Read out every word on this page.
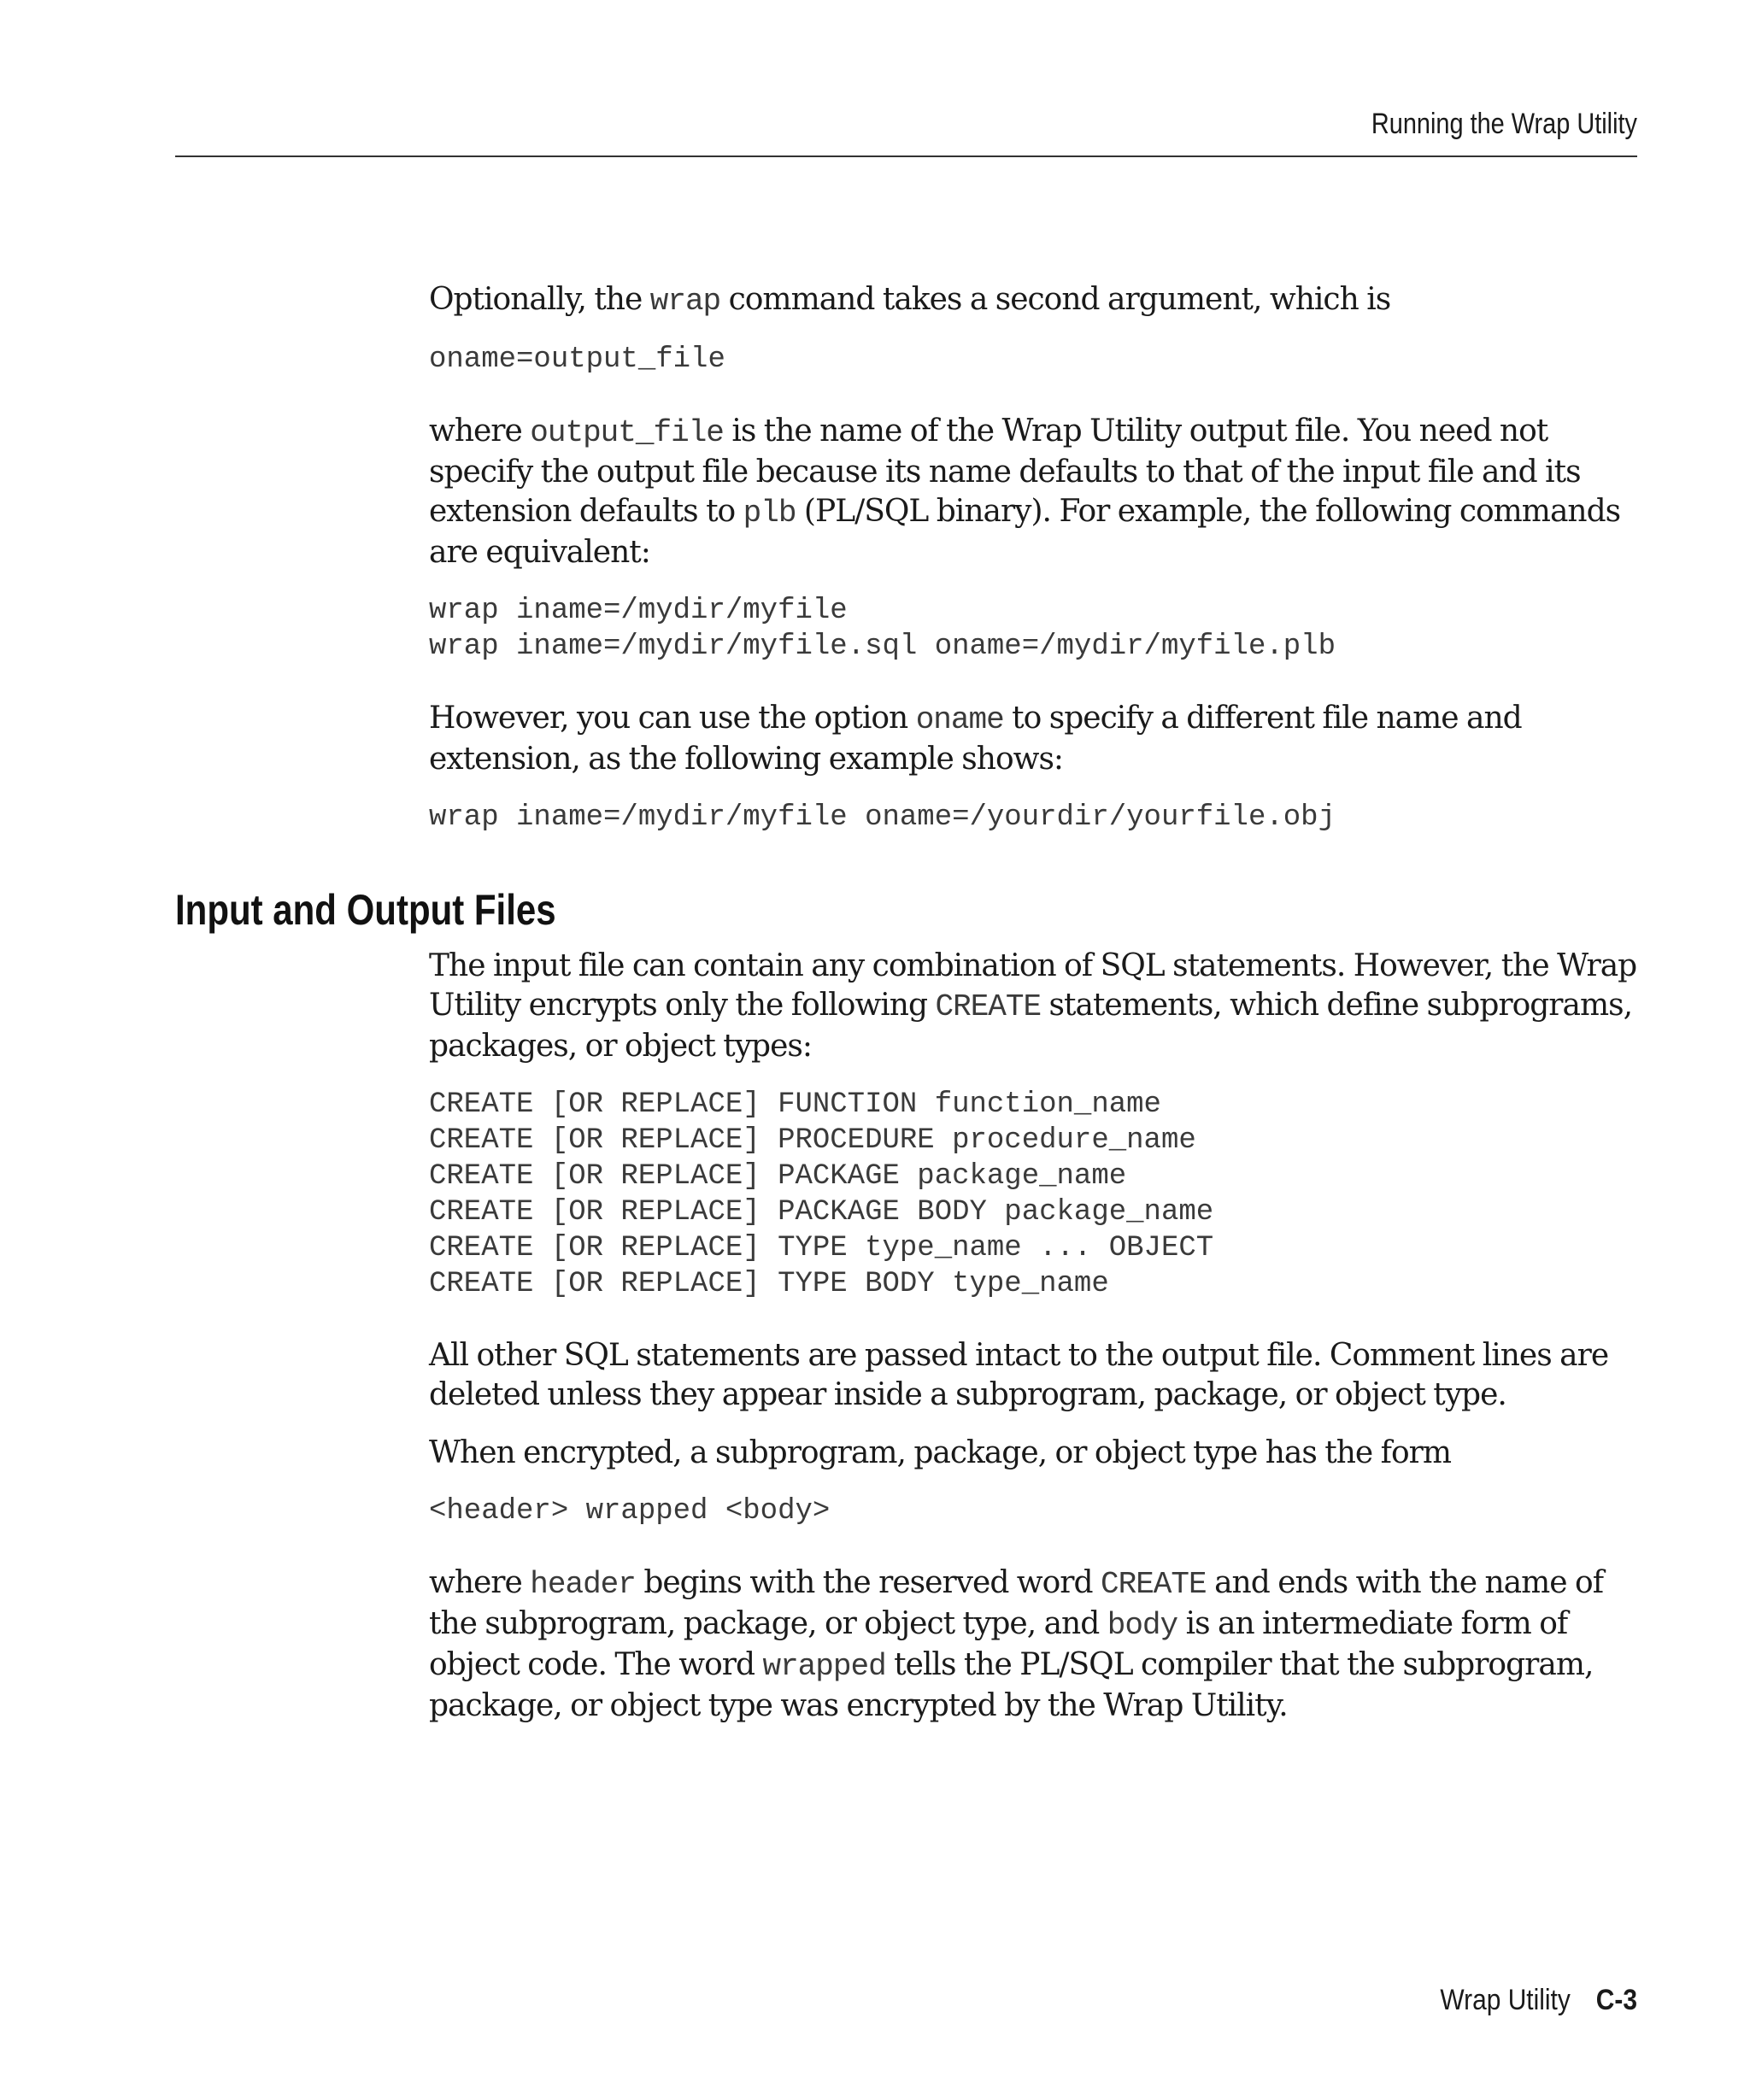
Running the Wrap Utility

Optionally, the wrap command takes a second argument, which is

oname=output_file

where output_file is the name of the Wrap Utility output file. You need not specify the output file because its name defaults to that of the input file and its extension defaults to plb (PL/SQL binary). For example, the following commands are equivalent:

wrap iname=/mydir/myfile
wrap iname=/mydir/myfile.sql oname=/mydir/myfile.plb

However, you can use the option oname to specify a different file name and extension, as the following example shows:

wrap iname=/mydir/myfile oname=/yourdir/yourfile.obj
Input and Output Files

The input file can contain any combination of SQL statements. However, the Wrap Utility encrypts only the following CREATE statements, which define subprograms, packages, or object types:

CREATE [OR REPLACE] FUNCTION function_name
CREATE [OR REPLACE] PROCEDURE procedure_name
CREATE [OR REPLACE] PACKAGE package_name
CREATE [OR REPLACE] PACKAGE BODY package_name
CREATE [OR REPLACE] TYPE type_name ... OBJECT
CREATE [OR REPLACE] TYPE BODY type_name

All other SQL statements are passed intact to the output file. Comment lines are deleted unless they appear inside a subprogram, package, or object type.

When encrypted, a subprogram, package, or object type has the form

<header> wrapped <body>

where header begins with the reserved word CREATE and ends with the name of the subprogram, package, or object type, and body is an intermediate form of object code. The word wrapped tells the PL/SQL compiler that the subprogram, package, or object type was encrypted by the Wrap Utility.

Wrap Utility C-3
